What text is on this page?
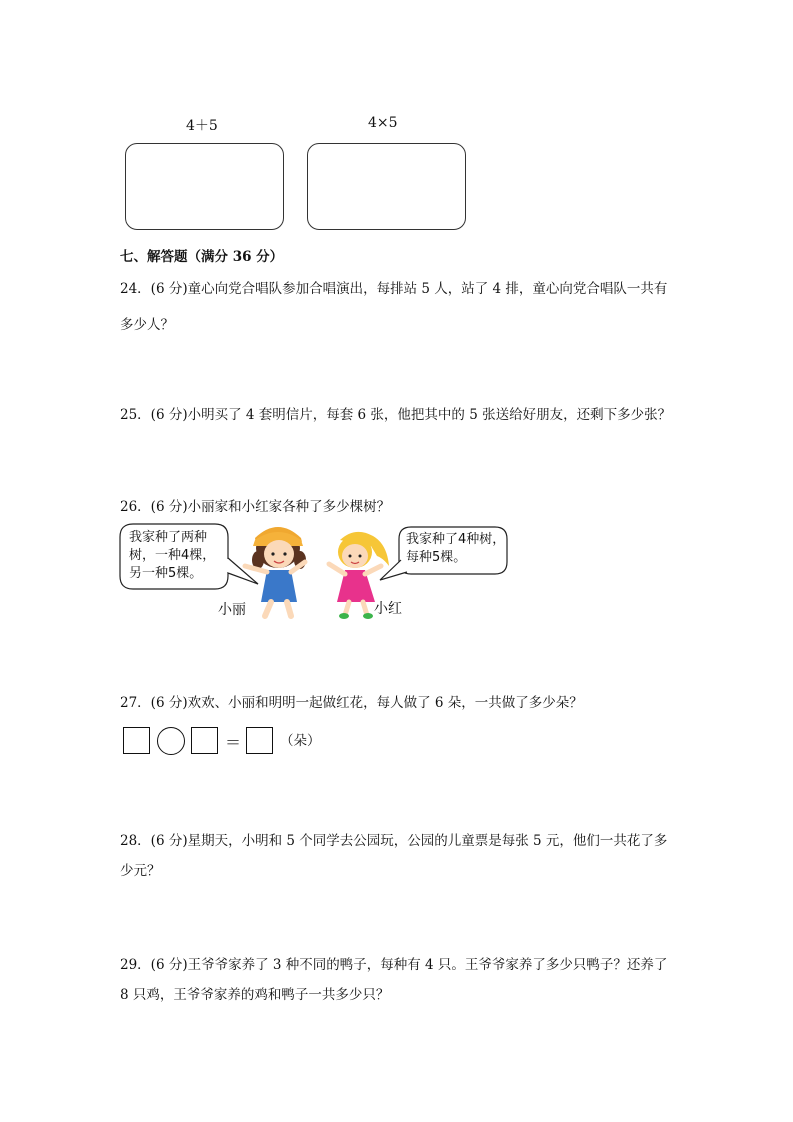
4＋5	4×5
七、解答题（满分 36 分）
24．(6 分)童心向党合唱队参加合唱演出，每排站 5 人，站了 4 排，童心向党合唱队一共有
多少人？
25．(6 分)小明买了 4 套明信片，每套 6 张，他把其中的 5 张送给好朋友，还剩下多少张？
26．(6 分)小丽家和小红家各种了多少棵树？
我家种了两种
树，一种4棵，
另一种5棵。
我家种了4种树，
每种5棵。
小丽	小红
27．(6 分)欢欢、小丽和明明一起做红花，每人做了 6 朵，一共做了多少朵？
＝	（朵）
28．(6 分)星期天，小明和 5 个同学去公园玩，公园的儿童票是每张 5 元，他们一共花了多
少元？
29．(6 分)王爷爷家养了 3 种不同的鸭子，每种有 4 只。王爷爷家养了多少只鸭子？还养了
8 只鸡，王爷爷家养的鸡和鸭子一共多少只？
